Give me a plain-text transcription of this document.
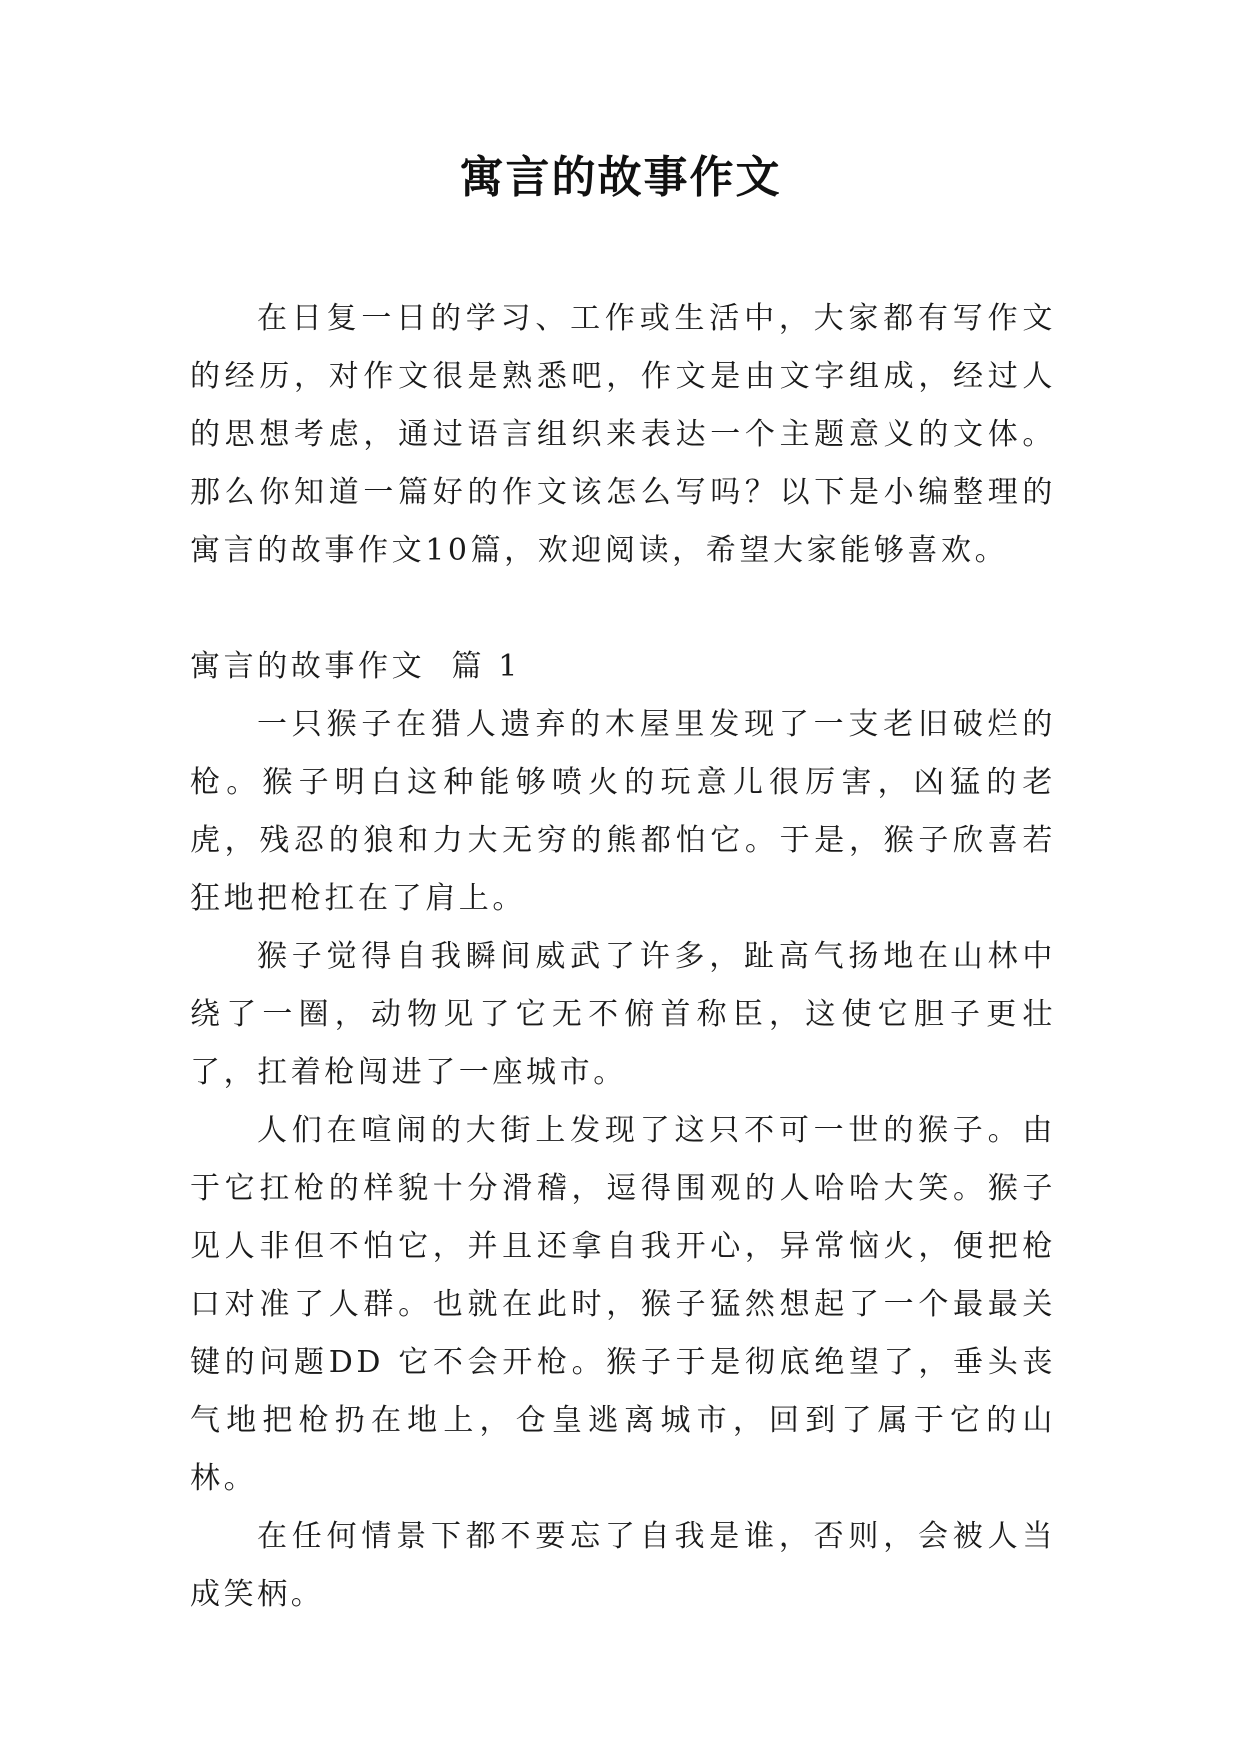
寓言的故事作文

在日复一日的学习、工作或生活中，大家都有写作文的经历，对作文很是熟悉吧，作文是由文字组成，经过人的思想考虑，通过语言组织来表达一个主题意义的文体。那么你知道一篇好的作文该怎么写吗？以下是小编整理的寓言的故事作文10篇，欢迎阅读，希望大家能够喜欢。

寓言的故事作文  篇 1

一只猴子在猎人遗弃的木屋里发现了一支老旧破烂的枪。猴子明白这种能够喷火的玩意儿很厉害，凶猛的老虎，残忍的狼和力大无穷的熊都怕它。于是，猴子欣喜若狂地把枪扛在了肩上。

猴子觉得自我瞬间威武了许多，趾高气扬地在山林中绕了一圈，动物见了它无不俯首称臣，这使它胆子更壮了，扛着枪闯进了一座城市。

人们在喧闹的大街上发现了这只不可一世的猴子。由于它扛枪的样貌十分滑稽，逗得围观的人哈哈大笑。猴子见人非但不怕它，并且还拿自我开心，异常恼火，便把枪口对准了人群。也就在此时，猴子猛然想起了一个最最关键的问题DD 它不会开枪。猴子于是彻底绝望了，垂头丧气地把枪扔在地上，仓皇逃离城市，回到了属于它的山林。

在任何情景下都不要忘了自我是谁，否则，会被人当成笑柄。
